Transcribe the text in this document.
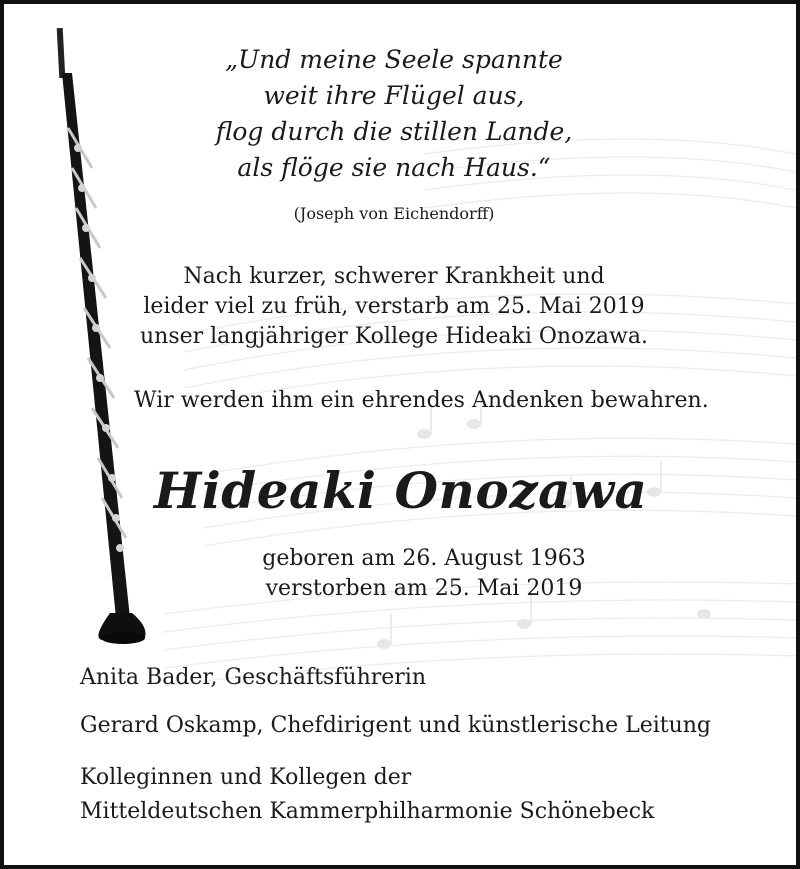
„Und meine Seele spannte
weit ihre Flügel aus,
flog durch die stillen Lande,
als flöge sie nach Haus.“

(Joseph von Eichendorff)

Nach kurzer, schwerer Krankheit und
leider viel zu früh, verstarb am 25. Mai 2019
unser langjähriger Kollege Hideaki Onozawa.

Wir werden ihm ein ehrendes Andenken bewahren.

Hideaki Onozawa

geboren am 26. August 1963

verstorben am 25. Mai 2019

Anita Bader, Geschäftsführerin

Gerard Oskamp, Chefdirigent und künstlerische Leitung

Kolleginnen und Kollegen der

Mitteldeutschen Kammerphilharmonie Schönebeck
